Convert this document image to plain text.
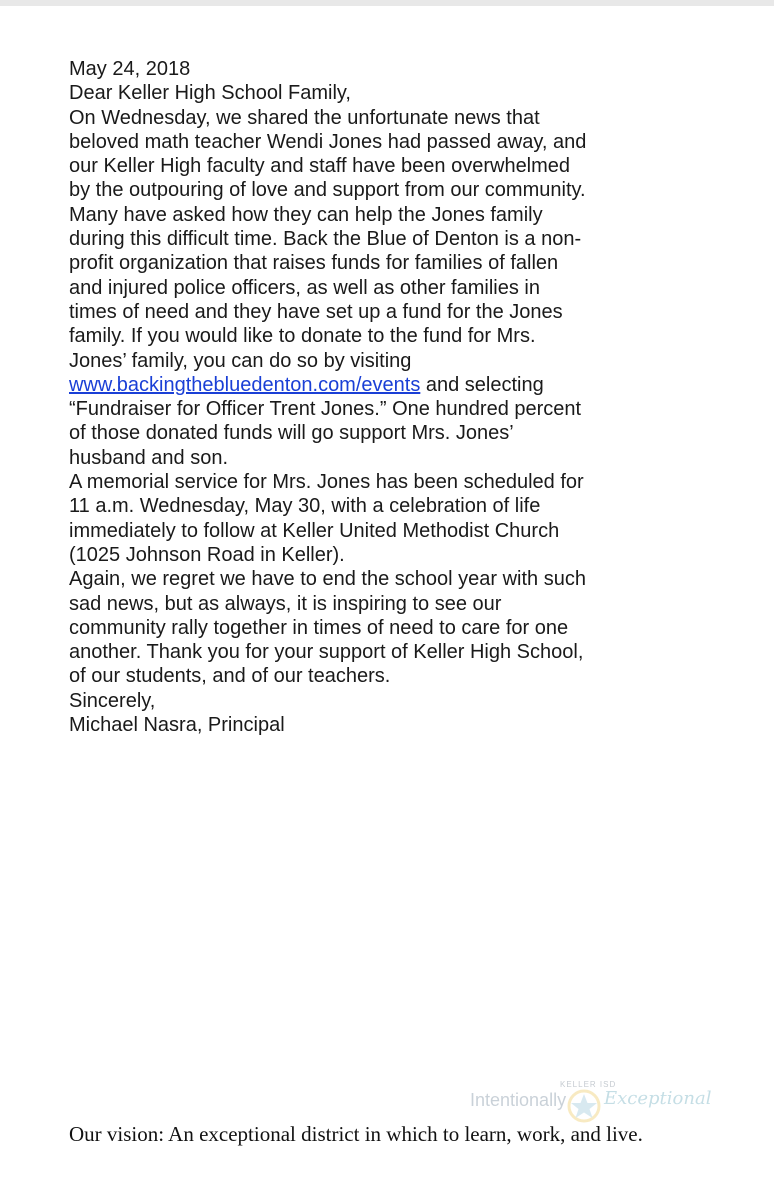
May 24, 2018

Dear Keller High School Family,

On Wednesday, we shared the unfortunate news that
beloved math teacher Wendi Jones had passed away, and
our Keller High faculty and staff have been overwhelmed
by the outpouring of love and support from our community.

Many have asked how they can help the Jones family
during this difficult time. Back the Blue of Denton is a non-
profit organization that raises funds for families of fallen
and injured police officers, as well as other families in
times of need and they have set up a fund for the Jones
family. If you would like to donate to the fund for Mrs.
Jones’ family, you can do so by visiting
www.backingthebluedenton.com/events and selecting
“Fundraiser for Officer Trent Jones.” One hundred percent
of those donated funds will go support Mrs. Jones’
husband and son.

A memorial service for Mrs. Jones has been scheduled for
11 a.m. Wednesday, May 30, with a celebration of life
immediately to follow at Keller United Methodist Church
(1025 Johnson Road in Keller).

Again, we regret we have to end the school year with such
sad news, but as always, it is inspiring to see our
community rally together in times of need to care for one
another. Thank you for your support of Keller High School,
of our students, and of our teachers.

Sincerely,

Michael Nasra, Principal

KELLER ISD
Intentionally Exceptional
Our vision: An exceptional district in which to learn, work, and live.
